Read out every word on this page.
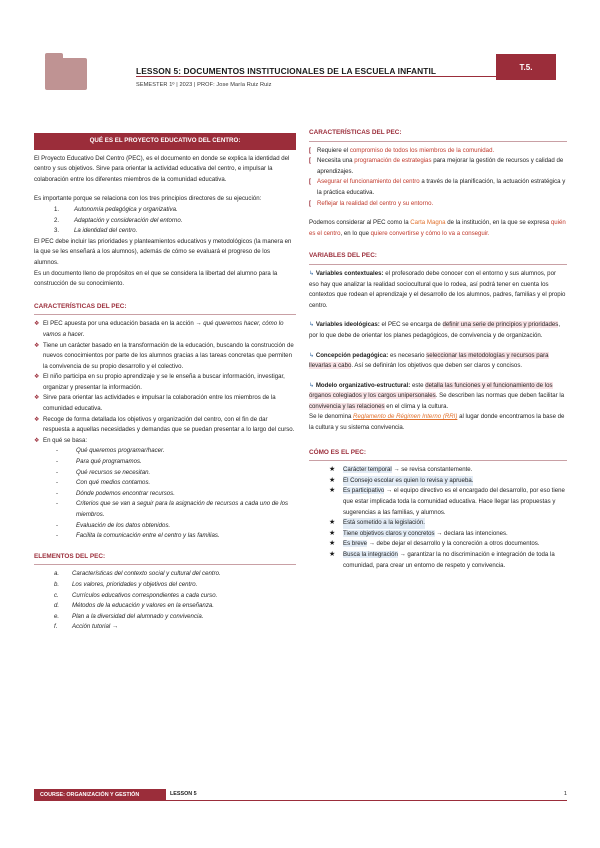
LESSON 5: DOCUMENTOS INSTITUCIONALES DE LA ESCUELA INFANTIL
SEMESTER 1º | 2023 | PROF: Jose María Ruiz Ruiz
T.5.
QUÉ ES EL PROYECTO EDUCATIVO DEL CENTRO:

El Proyecto Educativo Del Centro (PEC), es el documento en donde se explica la identidad del centro y sus objetivos. Sirve para orientar la actividad educativa del centro, e impulsar la colaboración entre los diferentes miembros de la comunidad educativa.

Es importante porque se relaciona con los tres principios directores de su ejecución:

1.	Autonomía pedagógica y organizativa.
2.	Adaptación y consideración del entorno.
3.	La identidad del centro.

El PEC debe incluir las prioridades y planteamientos educativos y metodológicos (la manera en la que se les enseñará a los alumnos), además de cómo se evaluará el progreso de los alumnos.

Es un documento lleno de propósitos en el que se considera la libertad del alumno para la construcción de su conocimiento.

CARACTERÍSTICAS DEL PEC:
❖ El PEC apuesta por una educación basada en la acción → qué queremos hacer, cómo lo vamos a hacer.
❖ Tiene un carácter basado en la transformación de la educación, buscando la construcción de nuevos conocimientos por parte de los alumnos gracias a las tareas concretas que permiten la convivencia de su propio desarrollo y el colectivo.
❖ El niño participa en su propio aprendizaje y se le enseña a buscar información, investigar, organizar y presentar la información.
❖ Sirve para orientar las actividades e impulsar la colaboración entre los miembros de la comunidad educativa.
❖ Recoge de forma detallada los objetivos y organización del centro, con el fin de dar respuesta a aquellas necesidades y demandas que se puedan presentar a lo largo del curso.
❖ En qué se basa:
-	Qué queremos programar/hacer.
-	Para qué programamos.
-	Qué recursos se necesitan.
-	Con qué medios contamos.
-	Dónde podemos encontrar recursos.
-	Criterios que se van a seguir para la asignación de recursos a cada uno de los miembros.
-	Evaluación de los datos obtenidos.
-	Facilita la comunicación entre el centro y las familias.
ELEMENTOS DEL PEC:
a.	Características del contexto social y cultural del centro.
b.	Los valores, prioridades y objetivos del centro.
c.	Currículos educativos correspondientes a cada curso.
d.	Métodos de la educación y valores en la enseñanza.
e.	Plan a la diversidad del alumnado y convivencia.
f.	Acción tutorial →
CARACTERÍSTICAS DEL PEC:
[ Requiere el compromiso de todos los miembros de la comunidad.
[ Necesita una programación de estrategias para mejorar la gestión de recursos y calidad de aprendizajes.
[ Asegurar el funcionamiento del centro a través de la planificación, la actuación estratégica y la práctica educativa.
[ Reflejar la realidad del centro y su entorno.

Podemos considerar al PEC como la Carta Magna de la institución, en la que se expresa quién es el centro, en lo que quiere convertirse y cómo lo va a conseguir.

VARIABLES DEL PEC:

↳ Variables contextuales: el profesorado debe conocer con el entorno y sus alumnos, por eso hay que analizar la realidad sociocultural que lo rodea, así podrá tener en cuenta los contextos que rodean el aprendizaje y el desarrollo de los alumnos, padres, familias y el propio centro.

↳ Variables ideológicas: el PEC se encarga de definir una serie de principios y prioridades, por lo que debe de orientar los planes pedagógicos, de convivencia y de organización.

↳ Concepción pedagógica: es necesario seleccionar las metodologías y recursos para llevarlas a cabo. Así se definirán los objetivos que deben ser claros y concisos.

↳ Modelo organizativo-estructural: este detalla las funciones y el funcionamiento de los órganos colegiados y los cargos unipersonales. Se describen las normas que deben facilitar la convivencia y las relaciones en el clima y la cultura.

Se le denomina Reglamento de Régimen Interno (RRI) al lugar donde encontramos la base de la cultura y su sistema convivencia.

CÓMO ES EL PEC:
★	Carácter temporal → se revisa constantemente.
★	El Consejo escolar es quien lo revisa y aprueba.
★	Es participativo → el equipo directivo es el encargado del desarrollo, por eso tiene que estar implicada toda la comunidad educativa. Hace llegar las propuestas y sugerencias a las familias, y alumnos.
★	Está sometido a la legislación.
★	Tiene objetivos claros y concretos → declara las intenciones.
★	Es breve → debe dejar el desarrollo y la concreción a otros documentos.
★	Busca la integración → garantizar la no discriminación e integración de toda la comunidad, para crear un entorno de respeto y convivencia.
COURSE: ORGANIZACIÓN Y GESTIÓN	LESSON 5	1
